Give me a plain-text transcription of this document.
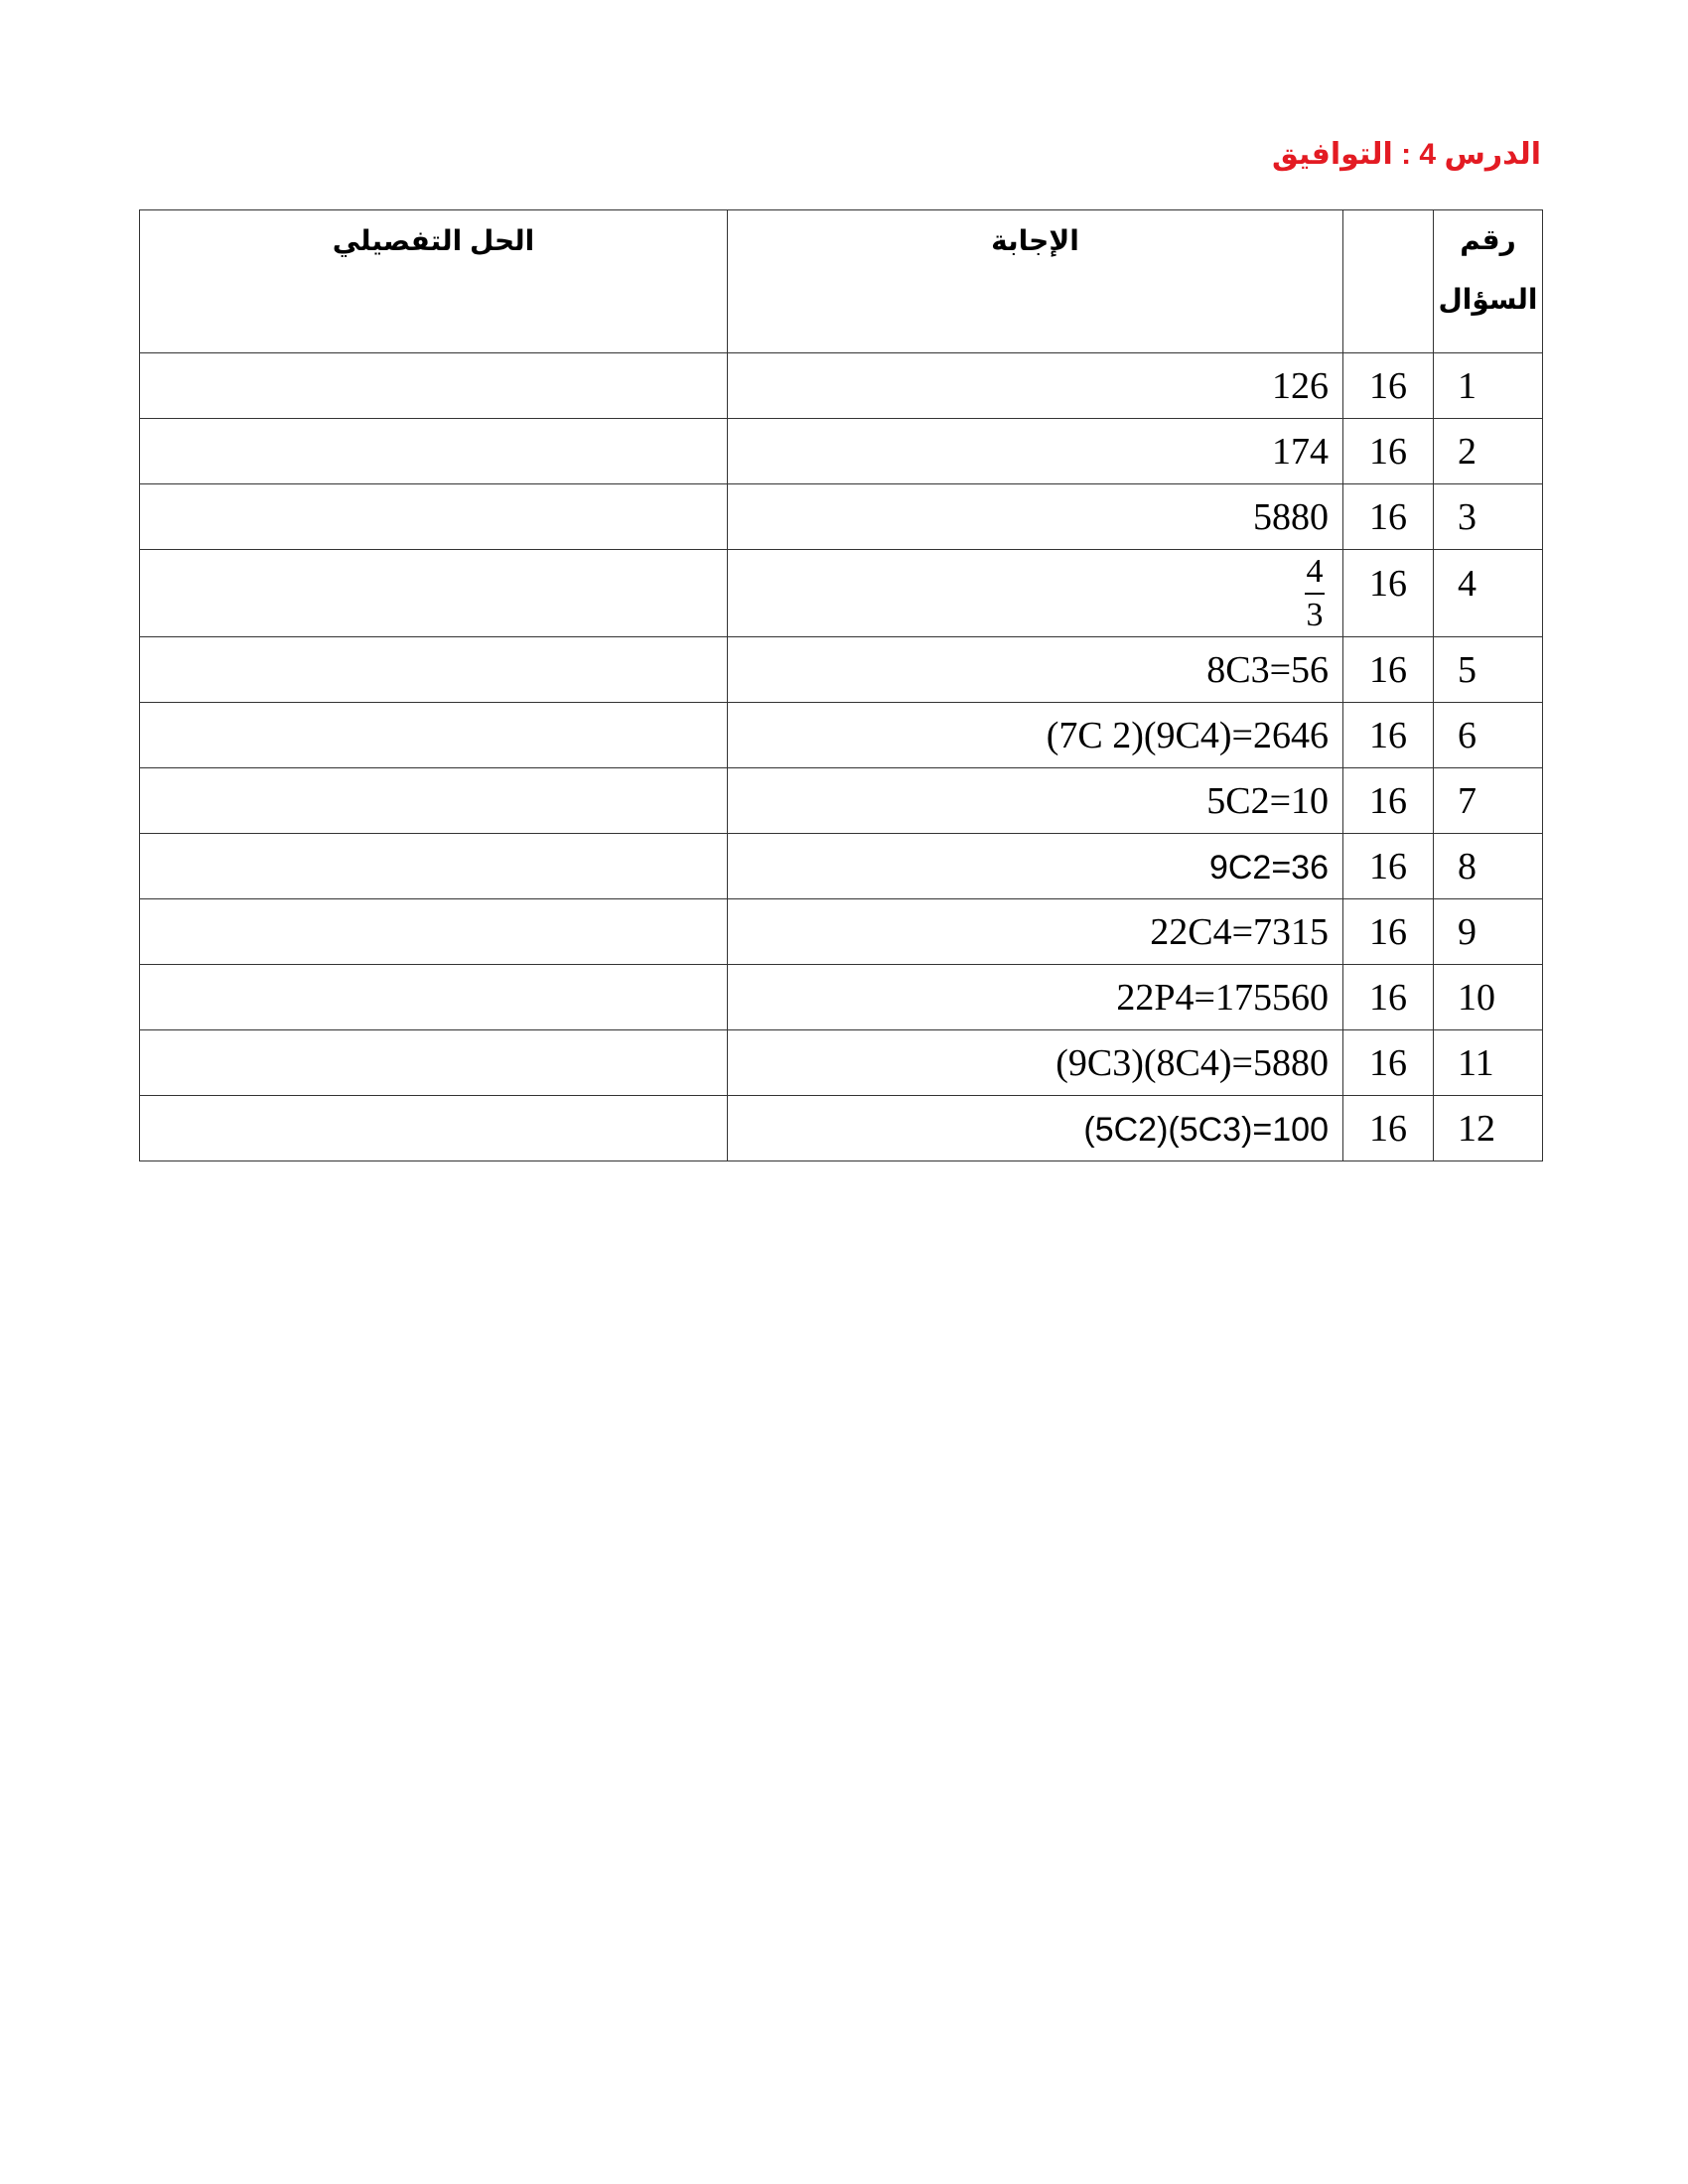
الدرس 4 : التوافيق
رقم السؤال		الإجابة	الحل التفصيلي
1	16	126	
2	16	174	
3	16	5880	
4	16	$\frac{4}{3}$

5	16	8C3=56	
6	16	(7C 2)(9C4)=2646	
7	16	5C2=10	
8	16	9C2=36	
9	16	22C4=7315	
10	16	22P4=175560	
11	16	(9C3)(8C4)=5880	
12	16	(5C2)(5C3)=100	
